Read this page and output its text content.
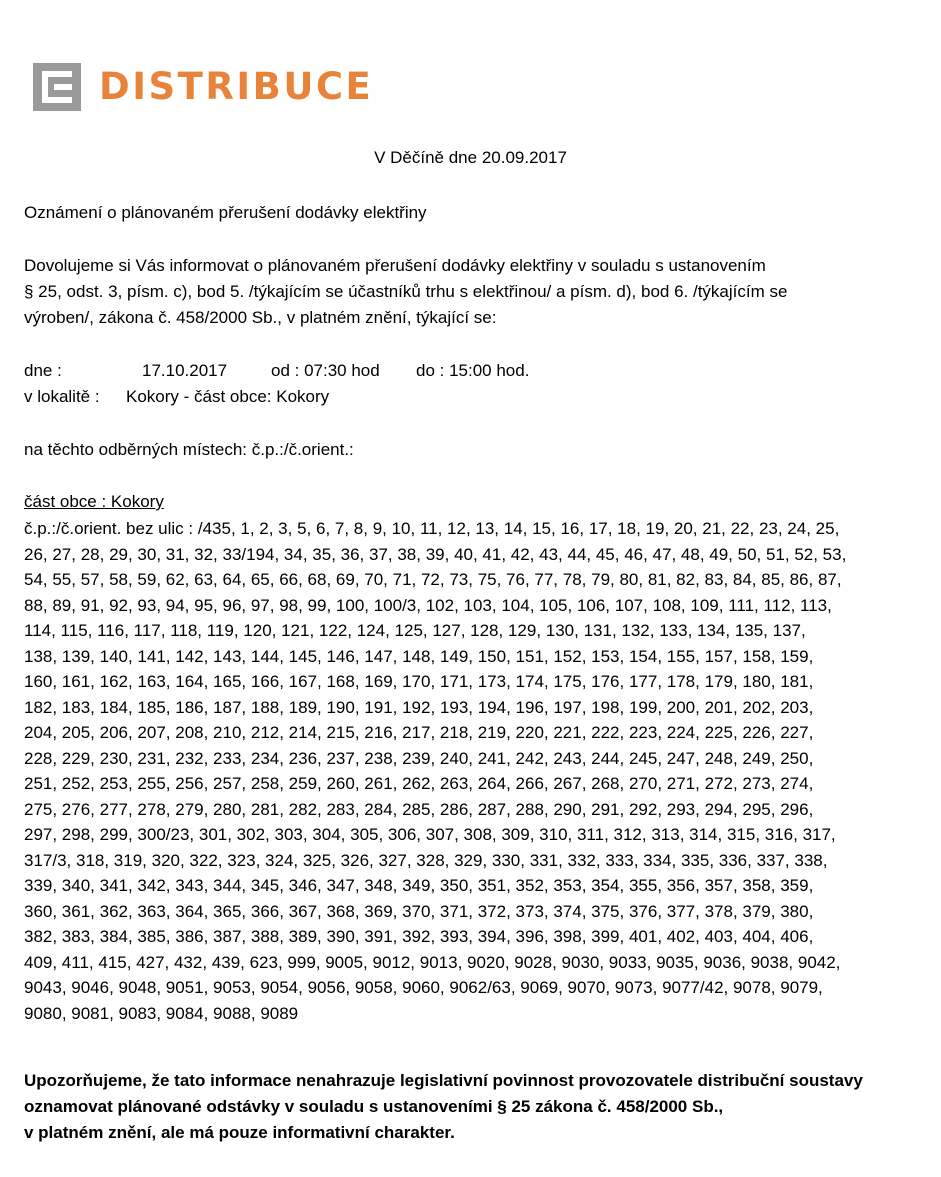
DISTRIBUCE
V Děčíně dne 20.09.2017
Oznámení o plánovaném přerušení dodávky elektřiny
Dovolujeme si Vás informovat o plánovaném přerušení dodávky elektřiny v souladu s ustanovením
§ 25, odst. 3, písm. c), bod 5. /týkajícím se účastníků trhu s elektřinou/ a písm. d), bod 6. /týkajícím se
výroben/, zákona č. 458/2000 Sb., v platném znění, týkající se:
dne :	17.10.2017	od : 07:30 hod do : 15:00 hod.
v lokalitě : Kokory - část obce: Kokory
na těchto odběrných místech: č.p.:/č.orient.:
část obce : Kokory
č.p.:/č.orient. bez ulic : /435, 1, 2, 3, 5, 6, 7, 8, 9, 10, 11, 12, 13, 14, 15, 16, 17, 18, 19, 20, 21, 22, 23, 24, 25,
26, 27, 28, 29, 30, 31, 32, 33/194, 34, 35, 36, 37, 38, 39, 40, 41, 42, 43, 44, 45, 46, 47, 48, 49, 50, 51, 52, 53,
54, 55, 57, 58, 59, 62, 63, 64, 65, 66, 68, 69, 70, 71, 72, 73, 75, 76, 77, 78, 79, 80, 81, 82, 83, 84, 85, 86, 87,
88, 89, 91, 92, 93, 94, 95, 96, 97, 98, 99, 100, 100/3, 102, 103, 104, 105, 106, 107, 108, 109, 111, 112, 113,
114, 115, 116, 117, 118, 119, 120, 121, 122, 124, 125, 127, 128, 129, 130, 131, 132, 133, 134, 135, 137,
138, 139, 140, 141, 142, 143, 144, 145, 146, 147, 148, 149, 150, 151, 152, 153, 154, 155, 157, 158, 159,
160, 161, 162, 163, 164, 165, 166, 167, 168, 169, 170, 171, 173, 174, 175, 176, 177, 178, 179, 180, 181,
182, 183, 184, 185, 186, 187, 188, 189, 190, 191, 192, 193, 194, 196, 197, 198, 199, 200, 201, 202, 203,
204, 205, 206, 207, 208, 210, 212, 214, 215, 216, 217, 218, 219, 220, 221, 222, 223, 224, 225, 226, 227,
228, 229, 230, 231, 232, 233, 234, 236, 237, 238, 239, 240, 241, 242, 243, 244, 245, 247, 248, 249, 250,
251, 252, 253, 255, 256, 257, 258, 259, 260, 261, 262, 263, 264, 266, 267, 268, 270, 271, 272, 273, 274,
275, 276, 277, 278, 279, 280, 281, 282, 283, 284, 285, 286, 287, 288, 290, 291, 292, 293, 294, 295, 296,
297, 298, 299, 300/23, 301, 302, 303, 304, 305, 306, 307, 308, 309, 310, 311, 312, 313, 314, 315, 316, 317,
317/3, 318, 319, 320, 322, 323, 324, 325, 326, 327, 328, 329, 330, 331, 332, 333, 334, 335, 336, 337, 338,
339, 340, 341, 342, 343, 344, 345, 346, 347, 348, 349, 350, 351, 352, 353, 354, 355, 356, 357, 358, 359,
360, 361, 362, 363, 364, 365, 366, 367, 368, 369, 370, 371, 372, 373, 374, 375, 376, 377, 378, 379, 380,
382, 383, 384, 385, 386, 387, 388, 389, 390, 391, 392, 393, 394, 396, 398, 399, 401, 402, 403, 404, 406,
409, 411, 415, 427, 432, 439, 623, 999, 9005, 9012, 9013, 9020, 9028, 9030, 9033, 9035, 9036, 9038, 9042,
9043, 9046, 9048, 9051, 9053, 9054, 9056, 9058, 9060, 9062/63, 9069, 9070, 9073, 9077/42, 9078, 9079,
9080, 9081, 9083, 9084, 9088, 9089
Upozorňujeme, že tato informace nenahrazuje legislativní povinnost provozovatele distribuční soustavy
oznamovat plánované odstávky v souladu s ustanoveními § 25 zákona č. 458/2000 Sb.,
v platném znění, ale má pouze informativní charakter.
